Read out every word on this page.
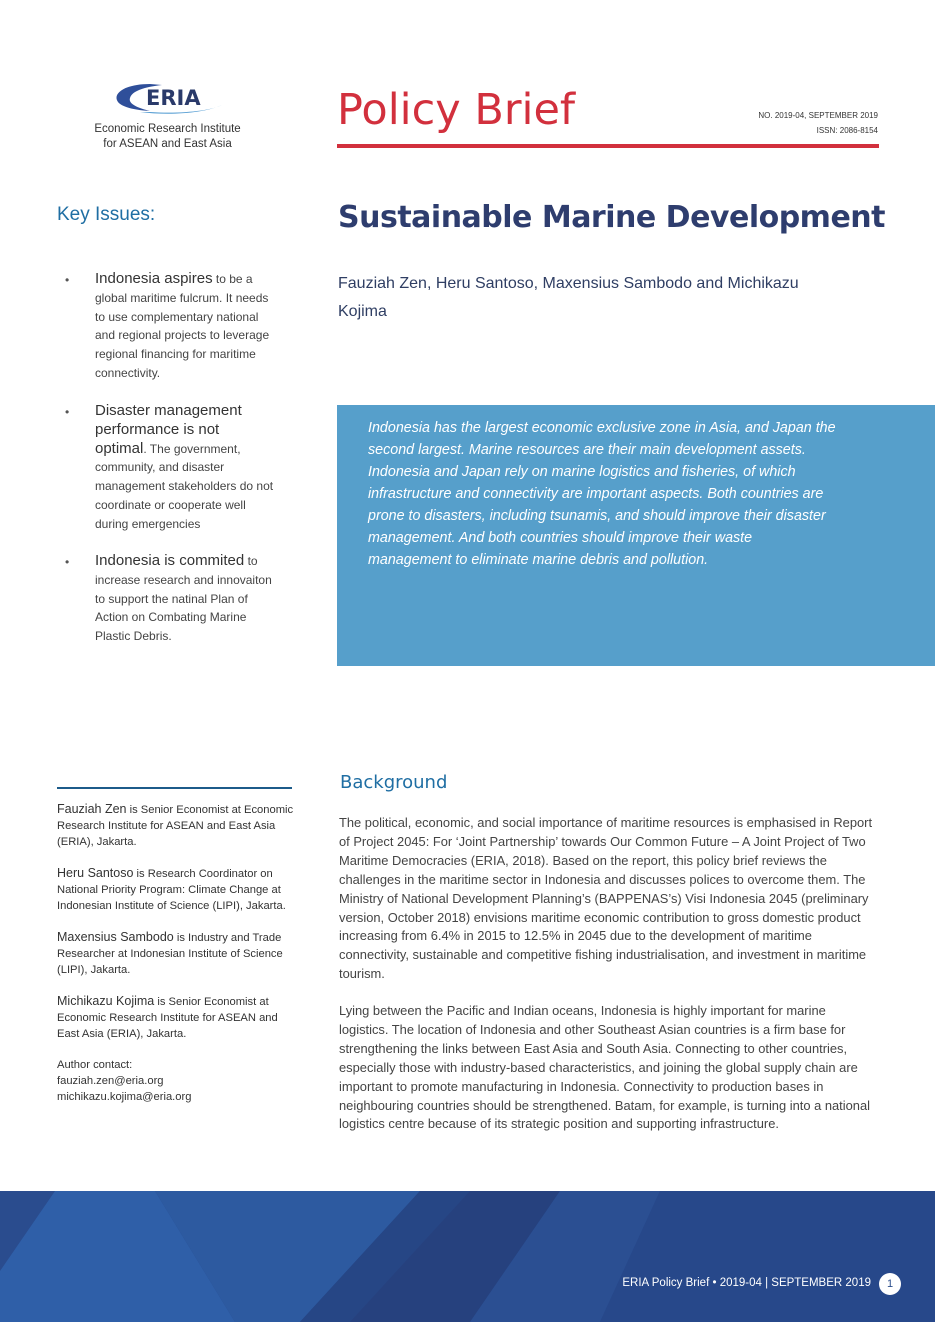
ERIA
Economic Research Institute
for ASEAN and East Asia
Policy Brief	NO. 2019-04, SEPTEMBER 2019
ISSN: 2086-8154
Key Issues:
• Indonesia aspires to be a global maritime fulcrum. It needs to use complementary national and regional projects to leverage regional financing for maritime connectivity.
• Disaster management performance is not optimal. The government, community, and disaster management stakeholders do not coordinate or cooperate well during emergencies
• Indonesia is commited to increase research and innovaiton to support the natinal Plan of Action on Combating Marine Plastic Debris.
Sustainable Marine Development
Fauziah Zen, Heru Santoso, Maxensius Sambodo and Michikazu Kojima
Indonesia has the largest economic exclusive zone in Asia, and Japan the second largest. Marine resources are their main development assets. Indonesia and Japan rely on marine logistics and fisheries, of which infrastructure and connectivity are important aspects. Both countries are prone to disasters, including tsunamis, and should improve their disaster management. And both countries should improve their waste management to eliminate marine debris and pollution.

Fauziah Zen is Senior Economist at Economic Research Institute for ASEAN and East Asia (ERIA), Jakarta.

Heru Santoso is Research Coordinator on National Priority Program: Climate Change at Indonesian Institute of Science (LIPI), Jakarta.

Maxensius Sambodo is Industry and Trade Researcher at Indonesian Institute of Science (LIPI), Jakarta.

Michikazu Kojima is Senior Economist at Economic Research Institute for ASEAN and East Asia (ERIA), Jakarta.

Author contact:
fauziah.zen@eria.org
michikazu.kojima@eria.org
Background
The political, economic, and social importance of maritime resources is emphasised in Report of Project 2045: For ‘Joint Partnership’ towards Our Common Future – A Joint Project of Two Maritime Democracies (ERIA, 2018). Based on the report, this policy brief reviews the challenges in the maritime sector in Indonesia and discusses polices to overcome them. The Ministry of National Development Planning’s (BAPPENAS’s) Visi Indonesia 2045 (preliminary version, October 2018) envisions maritime economic contribution to gross domestic product increasing from 6.4% in 2015 to 12.5% in 2045 due to the development of maritime connectivity, sustainable and competitive fishing industrialisation, and investment in maritime tourism.
Lying between the Pacific and Indian oceans, Indonesia is highly important for marine logistics. The location of Indonesia and other Southeast Asian countries is a firm base for strengthening the links between East Asia and South Asia. Connecting to other countries, especially those with industry-based characteristics, and joining the global supply chain are important to promote manufacturing in Indonesia. Connectivity to production bases in neighbouring countries should be strengthened. Batam, for example, is turning into a national logistics centre because of its strategic position and supporting infrastructure.
ERIA Policy Brief • 2019-04 | SEPTEMBER 2019	1
